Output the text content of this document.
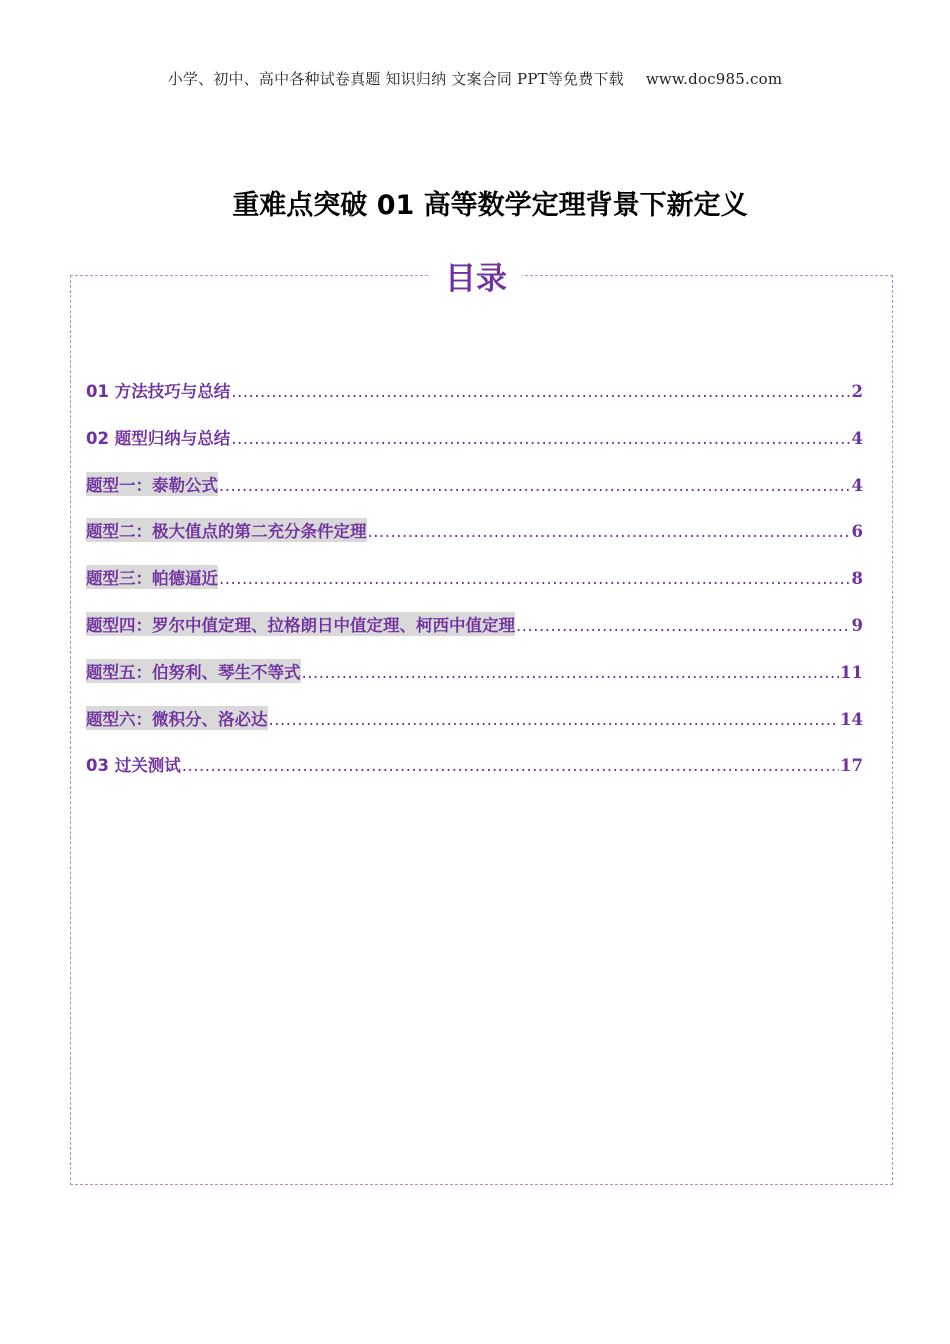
小学、初中、高中各种试卷真题 知识归纳 文案合同 PPT等免费下载 www.doc985.com
重难点突破 01 高等数学定理背景下新定义
目录
01 方法技巧与总结 .....	2
02 题型归纳与总结 .....	4
题型一：泰勒公式 .....	4
题型二：极大值点的第二充分条件定理 .....	6
题型三：帕德逼近 .....	8
题型四：罗尔中值定理、拉格朗日中值定理、柯西中值定理 .....	9
题型五：伯努利、琴生不等式 .....	11
题型六：微积分、洛必达 .....	14
03 过关测试 .....	17
